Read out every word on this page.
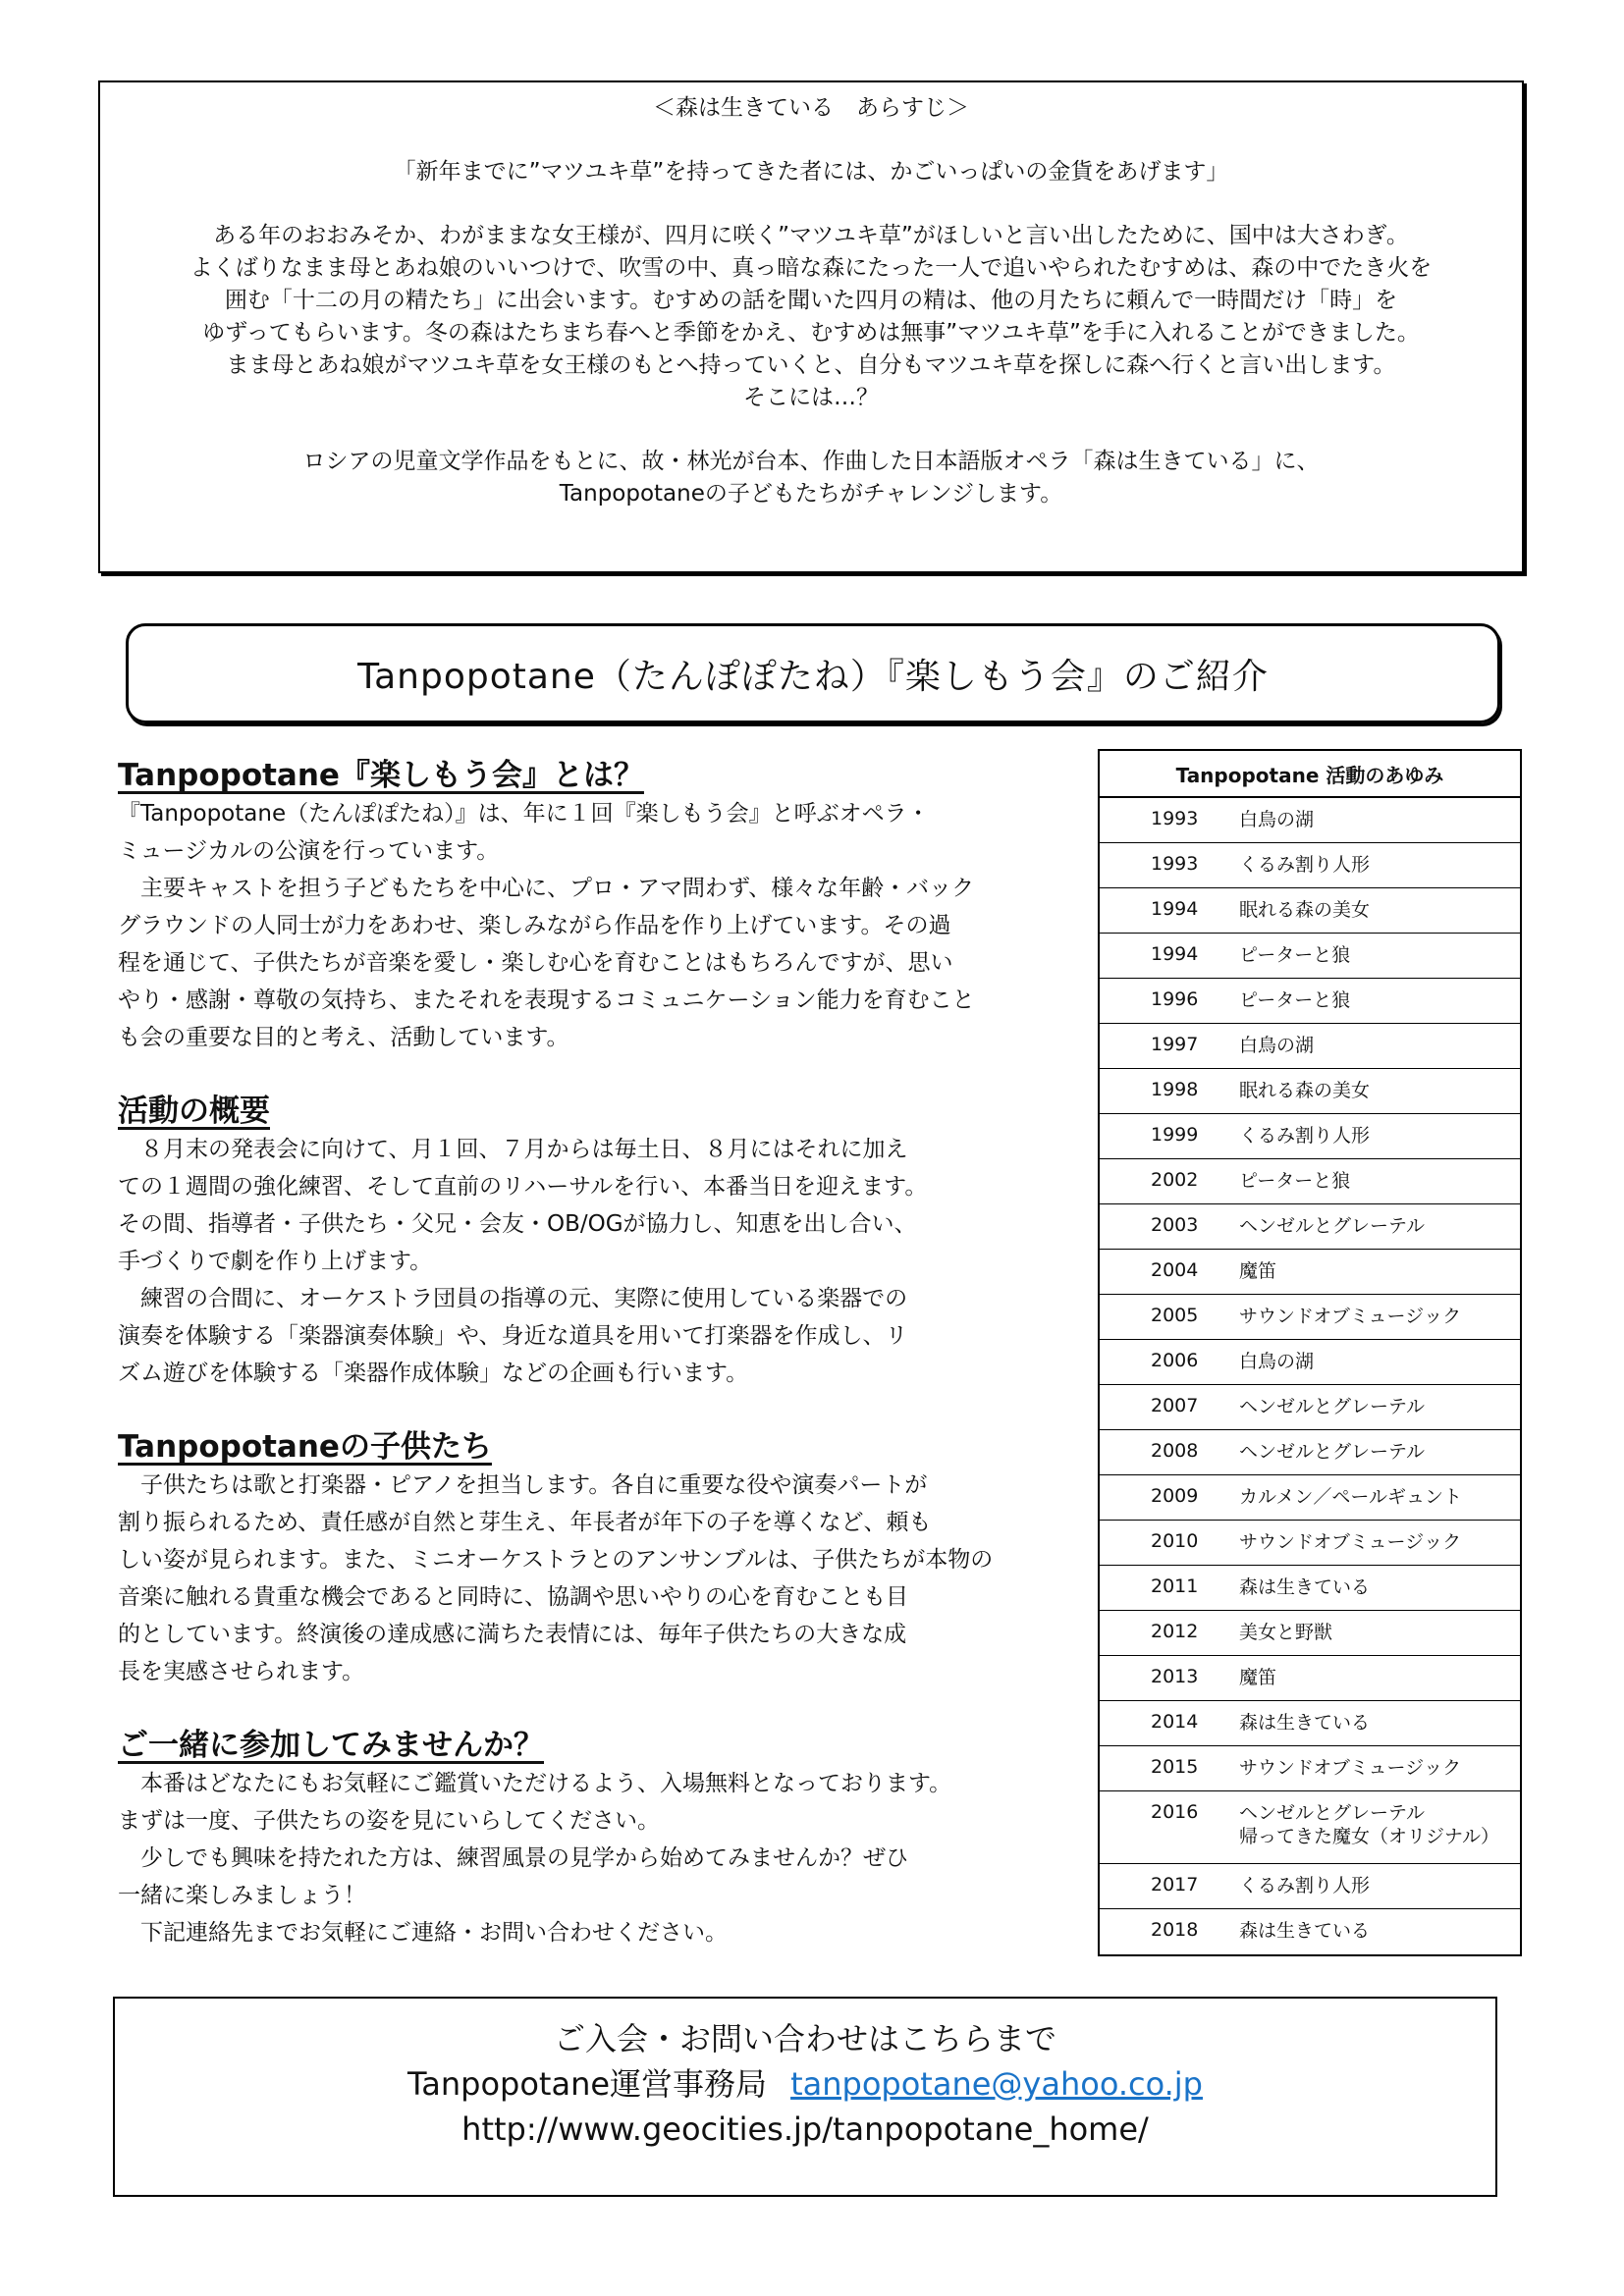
＜森は生きている　あらすじ＞

「新年までに”マツユキ草”を持ってきた者には、かごいっぱいの金貨をあげます」

ある年のおおみそか、わがままな女王様が、四月に咲く”マツユキ草”がほしいと言い出したために、国中は大さわぎ。

よくばりなまま母とあね娘のいいつけで、吹雪の中、真っ暗な森にたった一人で追いやられたむすめは、森の中でたき火を

囲む「十二の月の精たち」に出会います。むすめの話を聞いた四月の精は、他の月たちに頼んで一時間だけ「時」を

ゆずってもらいます。冬の森はたちまち春へと季節をかえ、むすめは無事”マツユキ草”を手に入れることができました。

まま母とあね娘がマツユキ草を女王様のもとへ持っていくと、自分もマツユキ草を探しに森へ行くと言い出します。

そこには…？

ロシアの児童文学作品をもとに、故・林光が台本、作曲した日本語版オペラ「森は生きている」に、

Tanpopotaneの子どもたちがチャレンジします。

Tanpopotane（たんぽぽたね）『楽しもう会』のご紹介
Tanpopotane『楽しもう会』とは？

『Tanpopotane（たんぽぽたね）』は、年に１回『楽しもう会』と呼ぶオペラ・

ミュージカルの公演を行っています。

　主要キャストを担う子どもたちを中心に、プロ・アマ問わず、様々な年齢・バック

グラウンドの人同士が力をあわせ、楽しみながら作品を作り上げています。その過

程を通じて、子供たちが音楽を愛し・楽しむ心を育むことはもちろんですが、思い

やり・感謝・尊敬の気持ち、またそれを表現するコミュニケーション能力を育むこと

も会の重要な目的と考え、活動しています。

活動の概要

　８月末の発表会に向けて、月１回、７月からは毎土日、８月にはそれに加え

ての１週間の強化練習、そして直前のリハーサルを行い、本番当日を迎えます。

その間、指導者・子供たち・父兄・会友・OB/OGが協力し、知恵を出し合い、

手づくりで劇を作り上げます。

　練習の合間に、オーケストラ団員の指導の元、実際に使用している楽器での

演奏を体験する「楽器演奏体験」や、身近な道具を用いて打楽器を作成し、リ

ズム遊びを体験する「楽器作成体験」などの企画も行います。

Tanpopotaneの子供たち

　子供たちは歌と打楽器・ピアノを担当します。各自に重要な役や演奏パートが

割り振られるため、責任感が自然と芽生え、年長者が年下の子を導くなど、頼も

しい姿が見られます。また、ミニオーケストラとのアンサンブルは、子供たちが本物の

音楽に触れる貴重な機会であると同時に、協調や思いやりの心を育むことも目

的としています。終演後の達成感に満ちた表情には、毎年子供たちの大きな成

長を実感させられます。

ご一緒に参加してみませんか？

　本番はどなたにもお気軽にご鑑賞いただけるよう、入場無料となっております。

まずは一度、子供たちの姿を見にいらしてください。

　少しでも興味を持たれた方は、練習風景の見学から始めてみませんか？ぜひ

一緒に楽しみましょう！

　下記連絡先までお気軽にご連絡・お問い合わせください。

Tanpopotane 活動のあゆみ
1993	白鳥の湖
1993	くるみ割り人形
1994	眠れる森の美女
1994	ピーターと狼
1996	ピーターと狼
1997	白鳥の湖
1998	眠れる森の美女
1999	くるみ割り人形
2002	ピーターと狼
2003	ヘンゼルとグレーテル
2004	魔笛
2005	サウンドオブミュージック
2006	白鳥の湖
2007	ヘンゼルとグレーテル
2008	ヘンゼルとグレーテル
2009	カルメン／ペールギュント
2010	サウンドオブミュージック
2011	森は生きている
2012	美女と野獣
2013	魔笛
2014	森は生きている
2015	サウンドオブミュージック
2016	ヘンゼルとグレーテル
帰ってきた魔女（オリジナル）
2017	くるみ割り人形
2018	森は生きている

ご入会・お問い合わせはこちらまで

Tanpopotane運営事務局 tanpopotane@yahoo.co.jp

http://www.geocities.jp/tanpopotane_home/
